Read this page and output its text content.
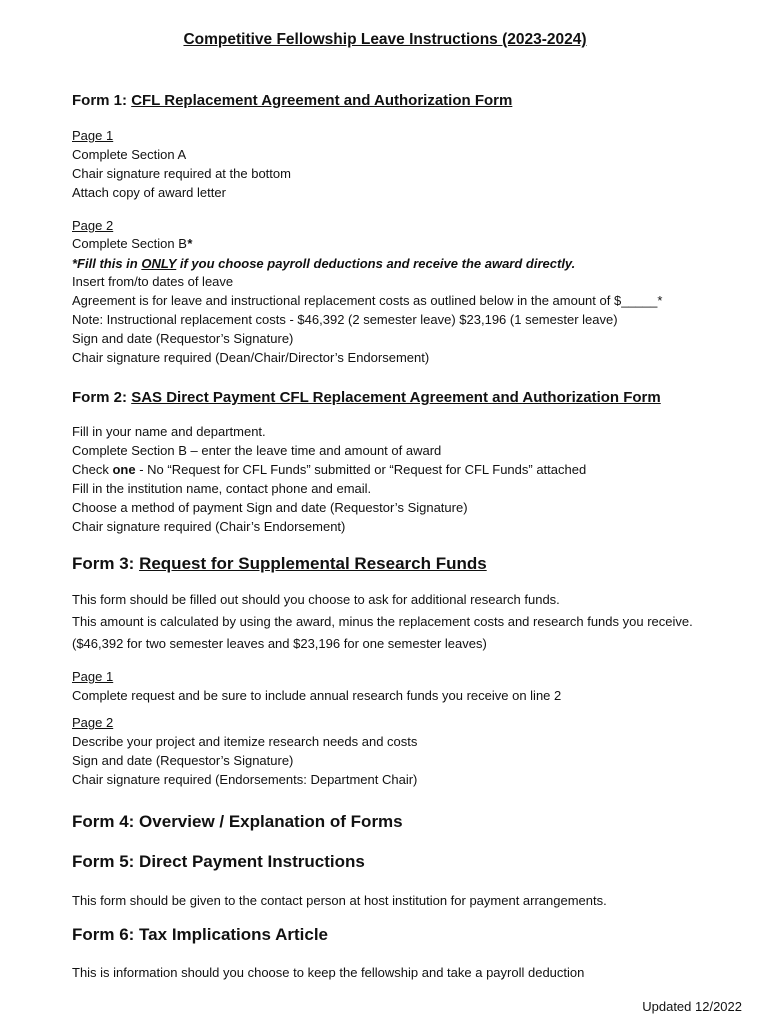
Competitive Fellowship Leave Instructions (2023-2024)
Form 1: CFL Replacement Agreement and Authorization Form
Page 1
Complete Section A
Chair signature required at the bottom
Attach copy of award letter
Page 2
Complete Section B*
*Fill this in ONLY if you choose payroll deductions and receive the award directly.
Insert from/to dates of leave
Agreement is for leave and instructional replacement costs as outlined below in the amount of $_____*
Note: Instructional replacement costs - $46,392 (2 semester leave) $23,196 (1 semester leave)
Sign and date (Requestor’s Signature)
Chair signature required (Dean/Chair/Director’s Endorsement)
Form 2: SAS Direct Payment CFL Replacement Agreement and Authorization Form
Fill in your name and department.
Complete Section B – enter the leave time and amount of award
Check one - No “Request for CFL Funds” submitted or “Request for CFL Funds” attached
Fill in the institution name, contact phone and email.
Choose a method of payment Sign and date (Requestor’s Signature)
Chair signature required (Chair’s Endorsement)
Form 3: Request for Supplemental Research Funds
This form should be filled out should you choose to ask for additional research funds.
This amount is calculated by using the award, minus the replacement costs and research funds you receive.
($46,392 for two semester leaves and $23,196 for one semester leaves)
Page 1
Complete request and be sure to include annual research funds you receive on line 2
Page 2
Describe your project and itemize research needs and costs
Sign and date (Requestor’s Signature)
Chair signature required (Endorsements: Department Chair)
Form 4: Overview / Explanation of Forms
Form 5: Direct Payment Instructions
This form should be given to the contact person at host institution for payment arrangements.
Form 6: Tax Implications Article
This is information should you choose to keep the fellowship and take a payroll deduction
Updated 12/2022
